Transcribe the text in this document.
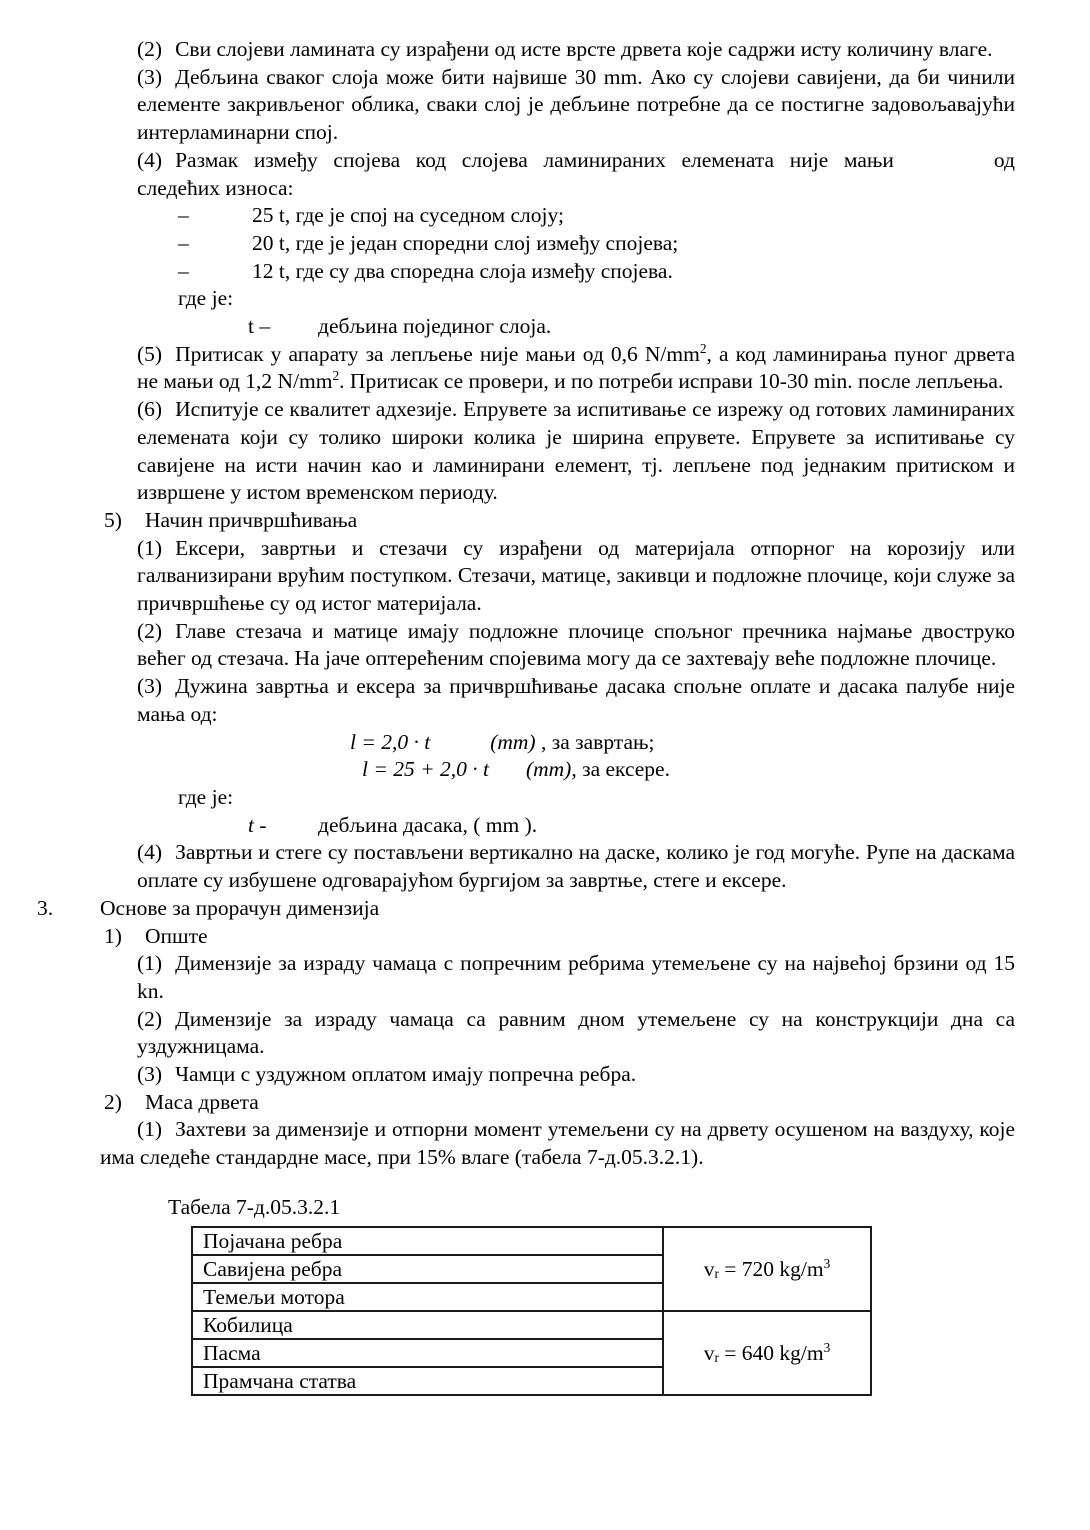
(2) Сви слојеви ламината су израђени од исте врсте дрвета које садржи исту количину влаге.

(3) Дебљина сваког слоја може бити највише 30 mm. Ако су слојеви савијени, да би чинили елементе закривљеног облика, сваки слој је дебљине потребне да се постигне задовољавајући интерламинарни спој.

(4) Размак између спојева код слојева ламинираних елемената није мањи	од следећих износа:

–	25 t, где је спој на суседном слоју;
–	20 t, где је један споредни слој између спојева;
–	12 t, где су два споредна слоја између спојева.
где је:
t –	дебљина појединог слоја.

(5) Притисак у апарату за лепљење није мањи од 0,6 $N/mm^2$, а код ламинирања пуног дрвета не мањи од 1,2 $N/mm^2$. Притисак се провери, и по потреби исправи 10-30 min. после лепљења.

(6) Испитује се квалитет адхезије. Епрувете за испитивање се изрежу од готових ламинираних елемената који су толико широки колика је ширина епрувете. Епрувете за испитивање су савијене на исти начин као и ламинирани елемент, тј. лепљене под једнаким притиском и извршене у истом временском периоду.

5)	Начин причвршћивања

(1) Ексери, завртњи и стезачи су израђени од материјала отпорног на корозију или галванизирани врућим поступком. Стезачи, матице, закивци и подложне плочице, који служе за причвршћење су од истог материјала.

(2) Главе стезача и матице имају подложне плочице спољног пречника најмање двоструко већег од стезача. На јаче оптерећеним спојевима могу да се захтевају веће подложне плочице.

(3) Дужина завртња и ексера за причвршћивање дасака спољне оплате и дасака палубе није мања од:

l = 2,0 · t	(mm) , за завртањ;
l = 25 + 2,0 · t (mm), за ексере.
где је:
t -	дебљина дасака, ( mm ).

(4) Завртњи и стеге су постављени вертикално на даске, колико је год могуће. Рупе на даскама оплате су избушене одговарајућом бургијом за завртње, стеге и ексере.

3.	Основе за прорачун димензија
1)	Опште

(1) Димензије за израду чамаца с попречним ребрима утемељене су на највећој брзини од 15 kn.

(2) Димензије за израду чамаца са равним дном утемељене су на конструкцији дна са уздужницама.

(3) Чамци с уздужном оплатом имају попречна ребра.

2)	Маса дрвета

(1) Захтеви за димензије и отпорни момент утемељени су на дрвету осушеном на ваздуху, које има следеће стандардне масе, при 15% влаге (табела 7-д.05.3.2.1).

Табела 7-д.05.3.2.1
Појачана ребра	$v_r = 720$ $kg/m^3$
Савијена ребра	
Темељи мотора	
Кобилица	$v_r = 640$ $kg/m^3$
Пасма	
Прамчана статва	
